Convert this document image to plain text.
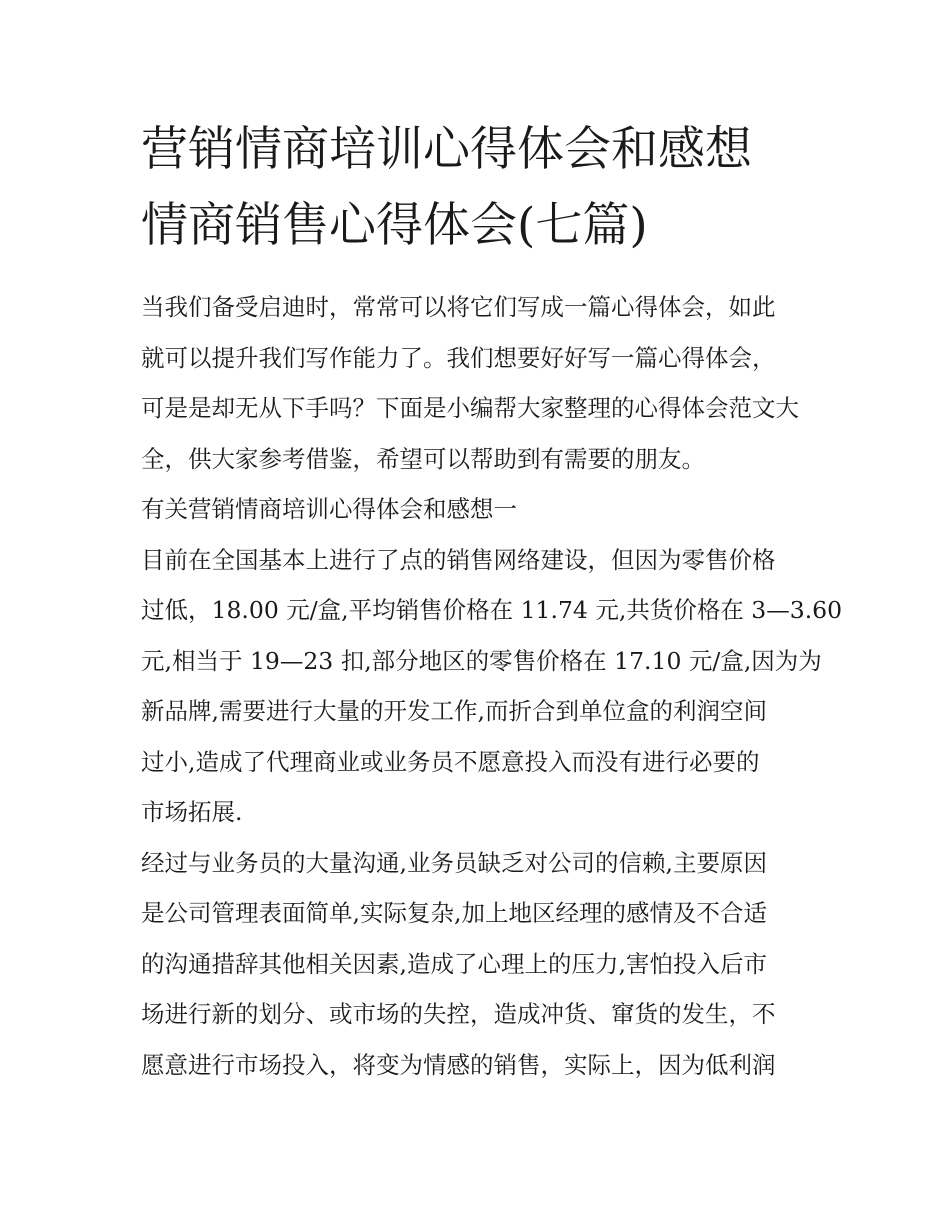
营销情商培训心得体会和感想
情商销售心得体会(七篇)
当我们备受启迪时，常常可以将它们写成一篇心得体会，如此
就可以提升我们写作能力了。我们想要好好写一篇心得体会，
可是是却无从下手吗？下面是小编帮大家整理的心得体会范文大
全，供大家参考借鉴，希望可以帮助到有需要的朋友。
有关营销情商培训心得体会和感想一
目前在全国基本上进行了点的销售网络建设，但因为零售价格
过低，18.00 元/盒,平均销售价格在 11.74 元,共货价格在 3—3.60
元,相当于 19—23 扣,部分地区的零售价格在 17.10 元/盒,因为为
新品牌,需要进行大量的开发工作,而折合到单位盒的利润空间
过小,造成了代理商业或业务员不愿意投入而没有进行必要的
市场拓展.
经过与业务员的大量沟通,业务员缺乏对公司的信赖,主要原因
是公司管理表面简单,实际复杂,加上地区经理的感情及不合适
的沟通措辞其他相关因素,造成了心理上的压力,害怕投入后市
场进行新的划分、或市场的失控，造成冲货、窜货的发生，不
愿意进行市场投入，将变为情感的销售，实际上，因为低利润
